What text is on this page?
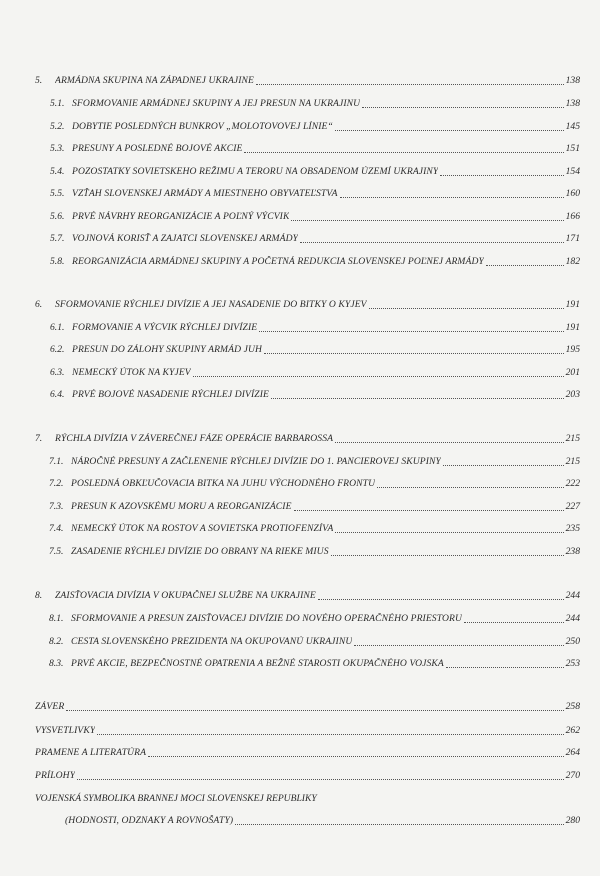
5.	ARMÁDNA SKUPINA NA ZÁPADNEJ UKRAJINE	138
5.1. SFORMOVANIE ARMÁDNEJ SKUPINY A JEJ PRESUN NA UKRAJINU	138
5.2. DOBYTIE POSLEDNÝCH BUNKROV „MOLOTOVOVEJ LÍNIE“	145
5.3. PRESUNY A POSLEDNÉ BOJOVÉ AKCIE	151
5.4. POZOSTATKY SOVIETSKEHO REŽIMU A TERORU NA OBSADENOM ÚZEMÍ UKRAJINY	154
5.5. VZŤAH SLOVENSKEJ ARMÁDY A MIESTNEHO OBYVATEĽSTVA	160
5.6. PRVÉ NÁVRHY REORGANIZÁCIE A POĽNÝ VÝCVIK	166
5.7. VOJNOVÁ KORISŤ A ZAJATCI SLOVENSKEJ ARMÁDY	171
5.8. REORGANIZÁCIA ARMÁDNEJ SKUPINY A POČETNÁ REDUKCIA SLOVENSKEJ POĽNEJ ARMÁDY	182
6.	SFORMOVANIE RÝCHLEJ DIVÍZIE A JEJ NASADENIE DO BITKY O KYJEV	191
6.1. FORMOVANIE A VÝCVIK RÝCHLEJ DIVÍZIE	191
6.2. PRESUN DO ZÁLOHY SKUPINY ARMÁD JUH	195
6.3. NEMECKÝ ÚTOK NA KYJEV	201
6.4. PRVÉ BOJOVÉ NASADENIE RÝCHLEJ DIVÍZIE	203
7.	RÝCHLA DIVÍZIA V ZÁVEREČNEJ FÁZE OPERÁCIE BARBAROSSA	215
7.1. NÁROČNÉ PRESUNY A ZAČLENENIE RÝCHLEJ DIVÍZIE DO 1. PANCIEROVEJ SKUPINY	215
7.2. POSLEDNÁ OBKĽUČOVACIA BITKA NA JUHU VÝCHODNÉHO FRONTU	222
7.3. PRESUN K AZOVSKÉMU MORU A REORGANIZÁCIE	227
7.4. NEMECKÝ ÚTOK NA ROSTOV A SOVIETSKA PROTIOFENZÍVA	235
7.5. ZASADENIE RÝCHLEJ DIVÍZIE DO OBRANY NA RIEKE MIUS	238
8.	ZAISŤOVACIA DIVÍZIA V OKUPAČNEJ SLUŽBE NA UKRAJINE	244
8.1. SFORMOVANIE A PRESUN ZAISŤOVACEJ DIVÍZIE DO NOVÉHO OPERAČNÉHO PRIESTORU	244
8.2. CESTA SLOVENSKÉHO PREZIDENTA NA OKUPOVANÚ UKRAJINU	250
8.3. PRVÉ AKCIE, BEZPEČNOSTNÉ OPATRENIA A BEŽNÉ STAROSTI OKUPAČNÉHO VOJSKA	253
ZÁVER	258
VYSVETLIVKY	262
PRAMENE A LITERATÚRA	264
PRÍLOHY	270
VOJENSKÁ SYMBOLIKA BRANNEJ MOCI SLOVENSKEJ REPUBLIKY
(HODNOSTI, ODZNAKY A ROVNOŠATY)	280
